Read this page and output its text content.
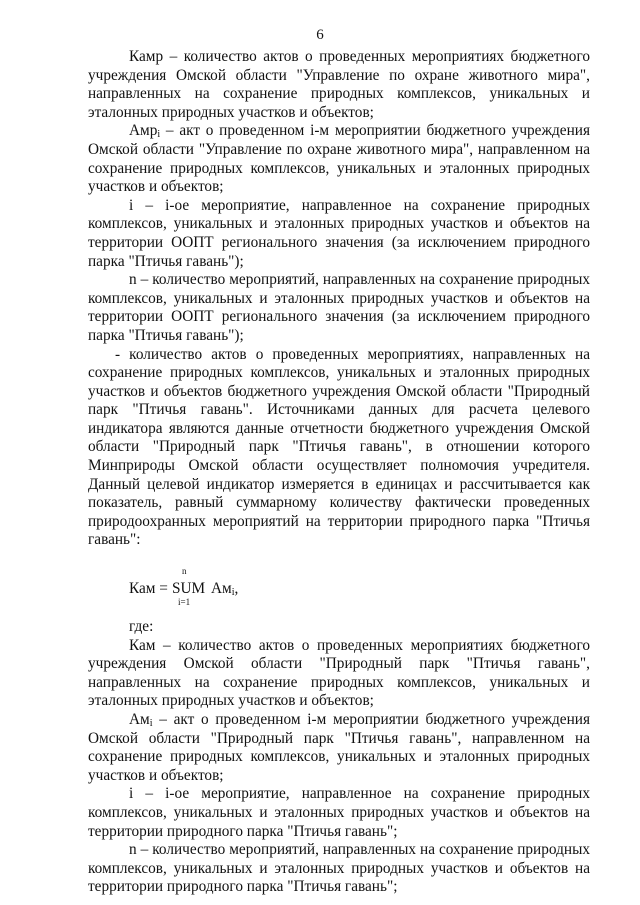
6

Камр – количество актов о проведенных мероприятиях бюджетного учреждения Омской области "Управление по охране животного мира", направленных на сохранение природных комплексов, уникальных и эталонных природных участков и объектов;

Амр$_i$ – акт о проведенном i-м мероприятии бюджетного учреждения Омской области "Управление по охране животного мира", направленном на сохранение природных комплексов, уникальных и эталонных природных участков и объектов;

i – i-ое мероприятие, направленное на сохранение природных комплексов, уникальных и эталонных природных участков и объектов на территории ООПТ регионального значения (за исключением природного парка "Птичья гавань");

n – количество мероприятий, направленных на сохранение природных комплексов, уникальных и эталонных природных участков и объектов на территории ООПТ регионального значения (за исключением природного парка "Птичья гавань");

- количество актов о проведенных мероприятиях, направленных на сохранение природных комплексов, уникальных и эталонных природных участков и объектов бюджетного учреждения Омской области "Природный парк "Птичья гавань". Источниками данных для расчета целевого индикатора являются данные отчетности бюджетного учреждения Омской области "Природный парк "Птичья гавань", в отношении которого Минприроды Омской области осуществляет полномочия учредителя. Данный целевой индикатор измеряется в единицах и рассчитывается как показатель, равный суммарному количеству фактически проведенных природоохранных мероприятий на территории природного парка "Птичья гавань":

Кам =
n
SUM
i=1
$Ам_i$,

где:

Кам – количество актов о проведенных мероприятиях бюджетного учреждения Омской области "Природный парк "Птичья гавань", направленных на сохранение природных комплексов, уникальных и эталонных природных участков и объектов;

$Ам_i$ – акт о проведенном i-м мероприятии бюджетного учреждения Омской области "Природный парк "Птичья гавань", направленном на сохранение природных комплексов, уникальных и эталонных природных участков и объектов;

i – i-ое мероприятие, направленное на сохранение природных комплексов, уникальных и эталонных природных участков и объектов на территории природного парка "Птичья гавань";

n – количество мероприятий, направленных на сохранение природных комплексов, уникальных и эталонных природных участков и объектов на территории природного парка "Птичья гавань";
